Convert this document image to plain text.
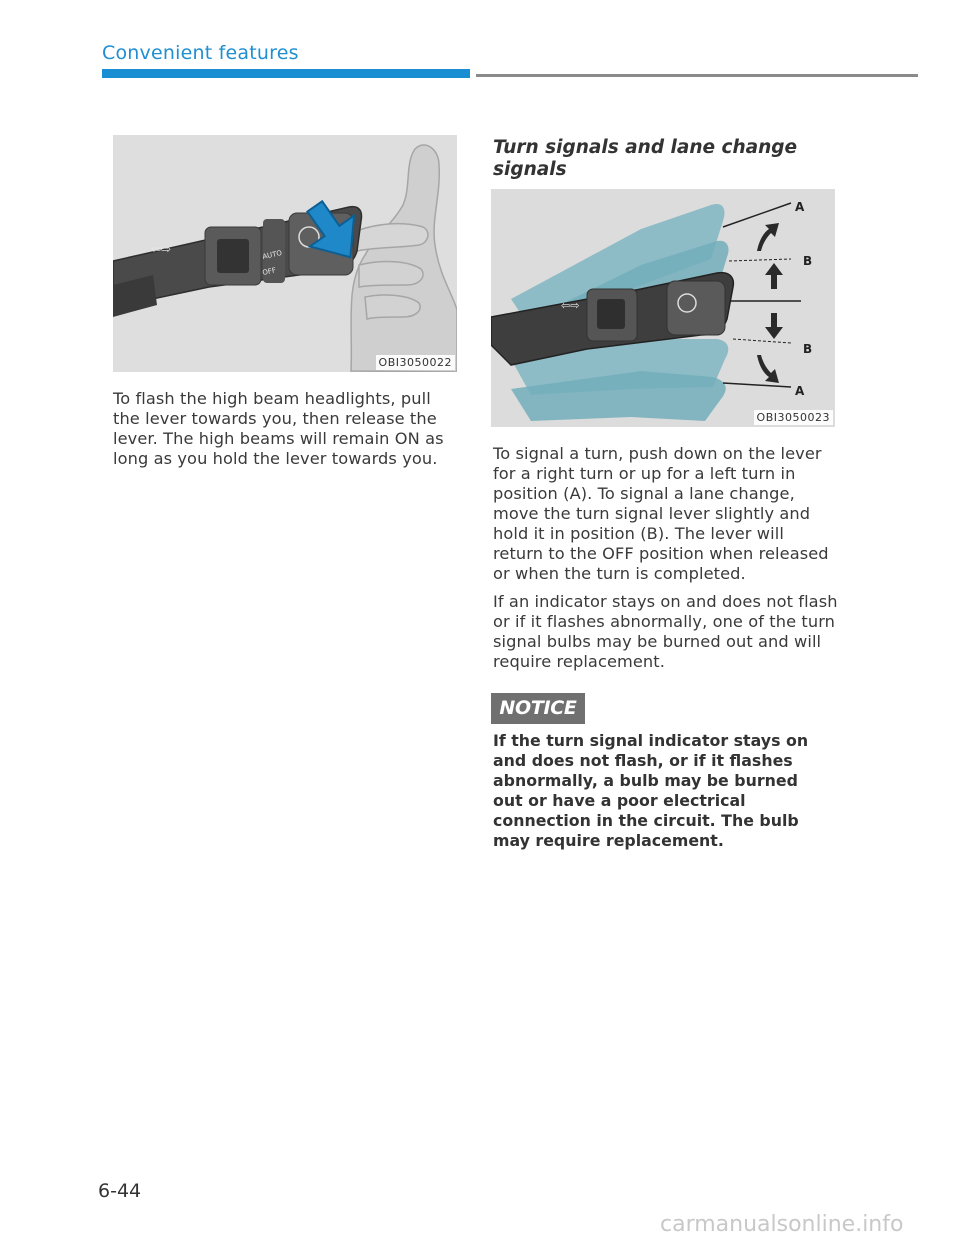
Convenient features
⇦⇨	AUTO
OFF
OBI3050022

To flash the high beam headlights, pull the lever towards you, then release the lever. The high beams will remain ON as long as you hold the lever towards you.

Turn signals and lane change signals
⇦⇨
A
B
B
A
OBI3050023

To signal a turn, push down on the lever for a right turn or up for a left turn in position (A). To signal a lane change, move the turn signal lever slightly and hold it in position (B). The lever will return to the OFF position when released or when the turn is completed.

If an indicator stays on and does not flash or if it flashes abnormally, one of the turn signal bulbs may be burned out and will require replacement.

NOTICE
If the turn signal indicator stays on and does not flash, or if it flashes abnormally, a bulb may be burned out or have a poor electrical connection in the circuit. The bulb may require replacement.
6-44
carmanualsonline.info
